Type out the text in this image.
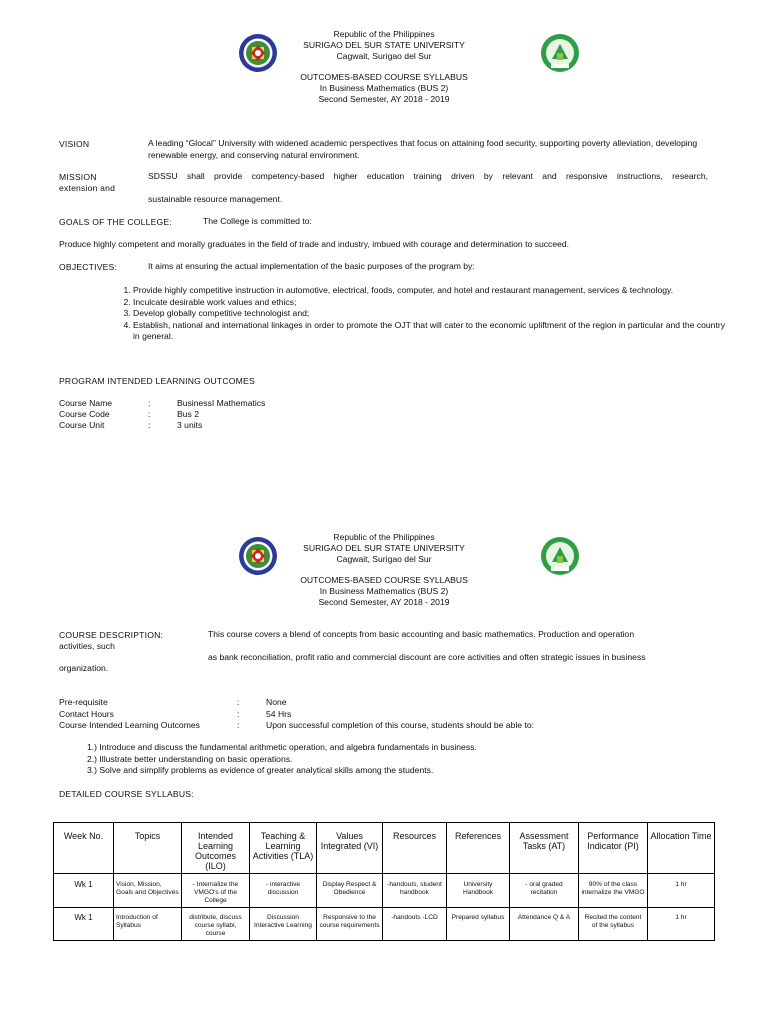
Republic of the Philippines
SURIGAO DEL SUR STATE UNIVERSITY
Cagwait, Surigao del Sur
OUTCOMES-BASED COURSE SYLLABUS
In Business Mathematics (BUS 2)
Second Semester, AY 2018 - 2019
VISION	A leading “Glocal” University with widened academic perspectives that focus on attaining food security, supporting poverty alleviation, developing renewable energy, and conserving natural environment.
MISSION
extension and
SDSSU shall provide competency-based higher education training driven by relevant and responsive instructions, research,
sustainable resource management.
GOALS OF THE COLLEGE:	The College is committed to:
Produce highly competent and morally graduates in the field of trade and industry, imbued with courage and determination to succeed.
OBJECTIVES:	It aims at ensuring the actual implementation of the basic purposes of the program by:
1. Provide highly competitive instruction in automotive, electrical, foods, computer, and hotel and restaurant management, services & technology.
2. Inculcate desirable work values and ethics;
3. Develop globally competitive technologist and;
4. Establish, national and international linkages in order to promote the OJT that will cater to the economic upliftment of the region in particular and the country in general.
PROGRAM INTENDED LEARNING OUTCOMES
Course Name	:	BusinessI Mathematics
Course Code	:	Bus 2
Course Unit	:	3 units
Republic of the Philippines
SURIGAO DEL SUR STATE UNIVERSITY
Cagwait, Surigao del Sur
OUTCOMES-BASED COURSE SYLLABUS
In Business Mathematics (BUS 2)
Second Semester, AY 2018 - 2019
COURSE DESCRIPTION:	This course covers a blend of concepts from basic accounting and basic mathematics. Production and operation
activities, such
as bank reconciliation, profit ratio and commercial discount are core activities and often strategic issues in business
organization.
Pre-requisite	:	None
Contact Hours	:	54 Hrs
Course Intended Learning Outcomes	:	Upon successful completion of this course, students should be able to:
1.) Introduce and discuss the fundamental arithmetic operation, and algebra fundamentals in business.
2.) Illustrate better understanding on basic operations.
3.) Solve and simplify problems as evidence of greater analytical skills among the students.
DETAILED COURSE SYLLABUS:
Week No.	Topics	Intended Learning Outcomes (ILO)	Teaching & Learning Activities (TLA)	Values Integrated (VI)	Resources	References	Assessment Tasks (AT)	Performance Indicator (PI)	Allocation Time
Wk 1	Vision, Mission, Goals and Objectives	- Internalize the VMGO's of the College	- interactive discussion	Display Respect & Obedience	-handouts, student handbook	University Handbook	- oral graded recitation	90% of the class internalize the VMGO	1 hr
Wk 1	Introduction of Syllabus	distribute, discuss course syllabi, course	Discussion Interactive Learning	Responsive to the course requirements	-handouts -LCD	Prepared syllabus	Attendance Q & A	Recited the content of the syllabus	1 hr
